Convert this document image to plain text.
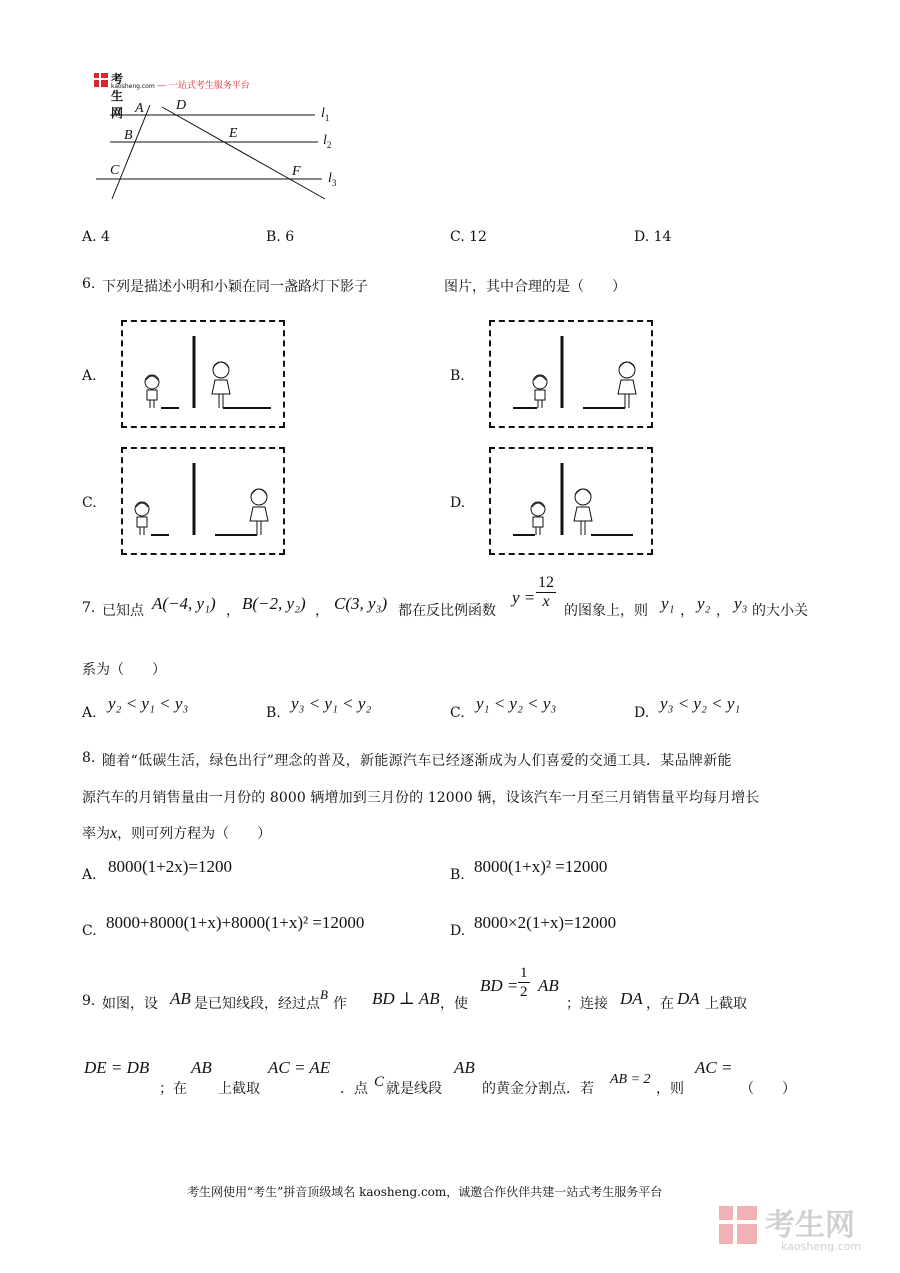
考生网
kaosheng.com — 一站式考生服务平台
A D
B	E
C	F
$l_1$
$l_2$
$l_3$
A. 4	B. 6	C. 12	D. 14
6. 下列是描述小明和小颖在同一盏路灯下影子	图片，其中合理的是（　　）
A.	B.
C.	D.
7. 已知点 A(−4, y₁) ， B(−2, y₂) ， C(3, y₃) 都在反比例函数
$y = \frac{12}{x}$ 的图象上，则 y₁ ， y₂ ， y₃ 的大小关
系为（　　）
A. y₂ < y₁ < y₃	B. y₃ < y₁ < y₂	C. y₁ < y₂ < y₃	D. y₃ < y₂ < y₁
8. 随着“低碳生活，绿色出行”理念的普及，新能源汽车已经逐渐成为人们喜爱的交通工具．某品牌新能
源汽车的月销售量由一月份的 8000 辆增加到三月份的 12000 辆，设该汽车一月至三月销售量平均每月增长
率为x，则可列方程为（　　）
A. 8000(1+2x)=1200	B. 8000(1+x)² =12000
C. 8000+8000(1+x)+8000(1+x)² =12000	D. 8000×2(1+x)=12000
9. 如图，设 AB 是已知线段，经过点
B
作 BD ⊥ AB ，使
BD = $\frac{1}{2}$ AB
；连接 DA ，在 DA 上截取
DE = DB
；在
AB
上截取
AC = AE
．点 C 就是线段
AB
的黄金分割点．若
AB = 2
，则
AC =
（　　）
考生网使用“考生”拼音顶级域名 kaosheng.com，诚邀合作伙伴共建一站式考生服务平台
考生网
kaosheng.com
